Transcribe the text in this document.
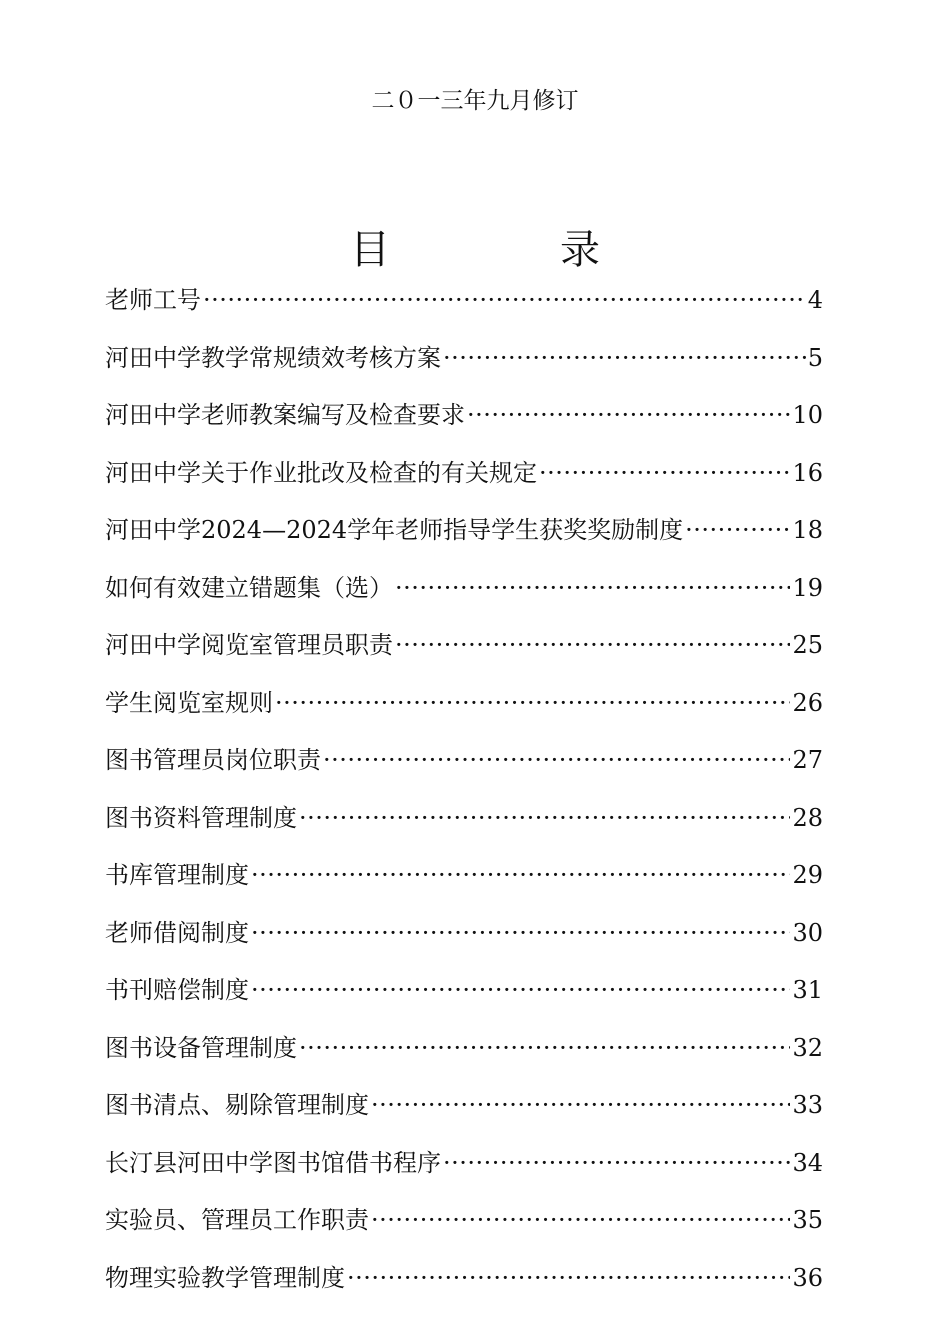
二０一三年九月修订
目	录
老师工号 ·····	4
河田中学教学常规绩效考核方案 ·····	5
河田中学老师教案编写及检查要求 ·····	10
河田中学关于作业批改及检查的有关规定 ·····	16
河田中学2024—2024学年老师指导学生获奖奖励制度 ·····	18
如何有效建立错题集（选） ·····	19
河田中学阅览室管理员职责 ·····	25
学生阅览室规则 ·····	26
图书管理员岗位职责 ·····	27
图书资料管理制度 ·····	28
书库管理制度 ·····	29
老师借阅制度 ·····	30
书刊赔偿制度 ·····	31
图书设备管理制度 ·····	32
图书清点、剔除管理制度 ·····	33
长汀县河田中学图书馆借书程序 ·····	34
实验员、管理员工作职责 ·····	35
物理实验教学管理制度 ·····	36
